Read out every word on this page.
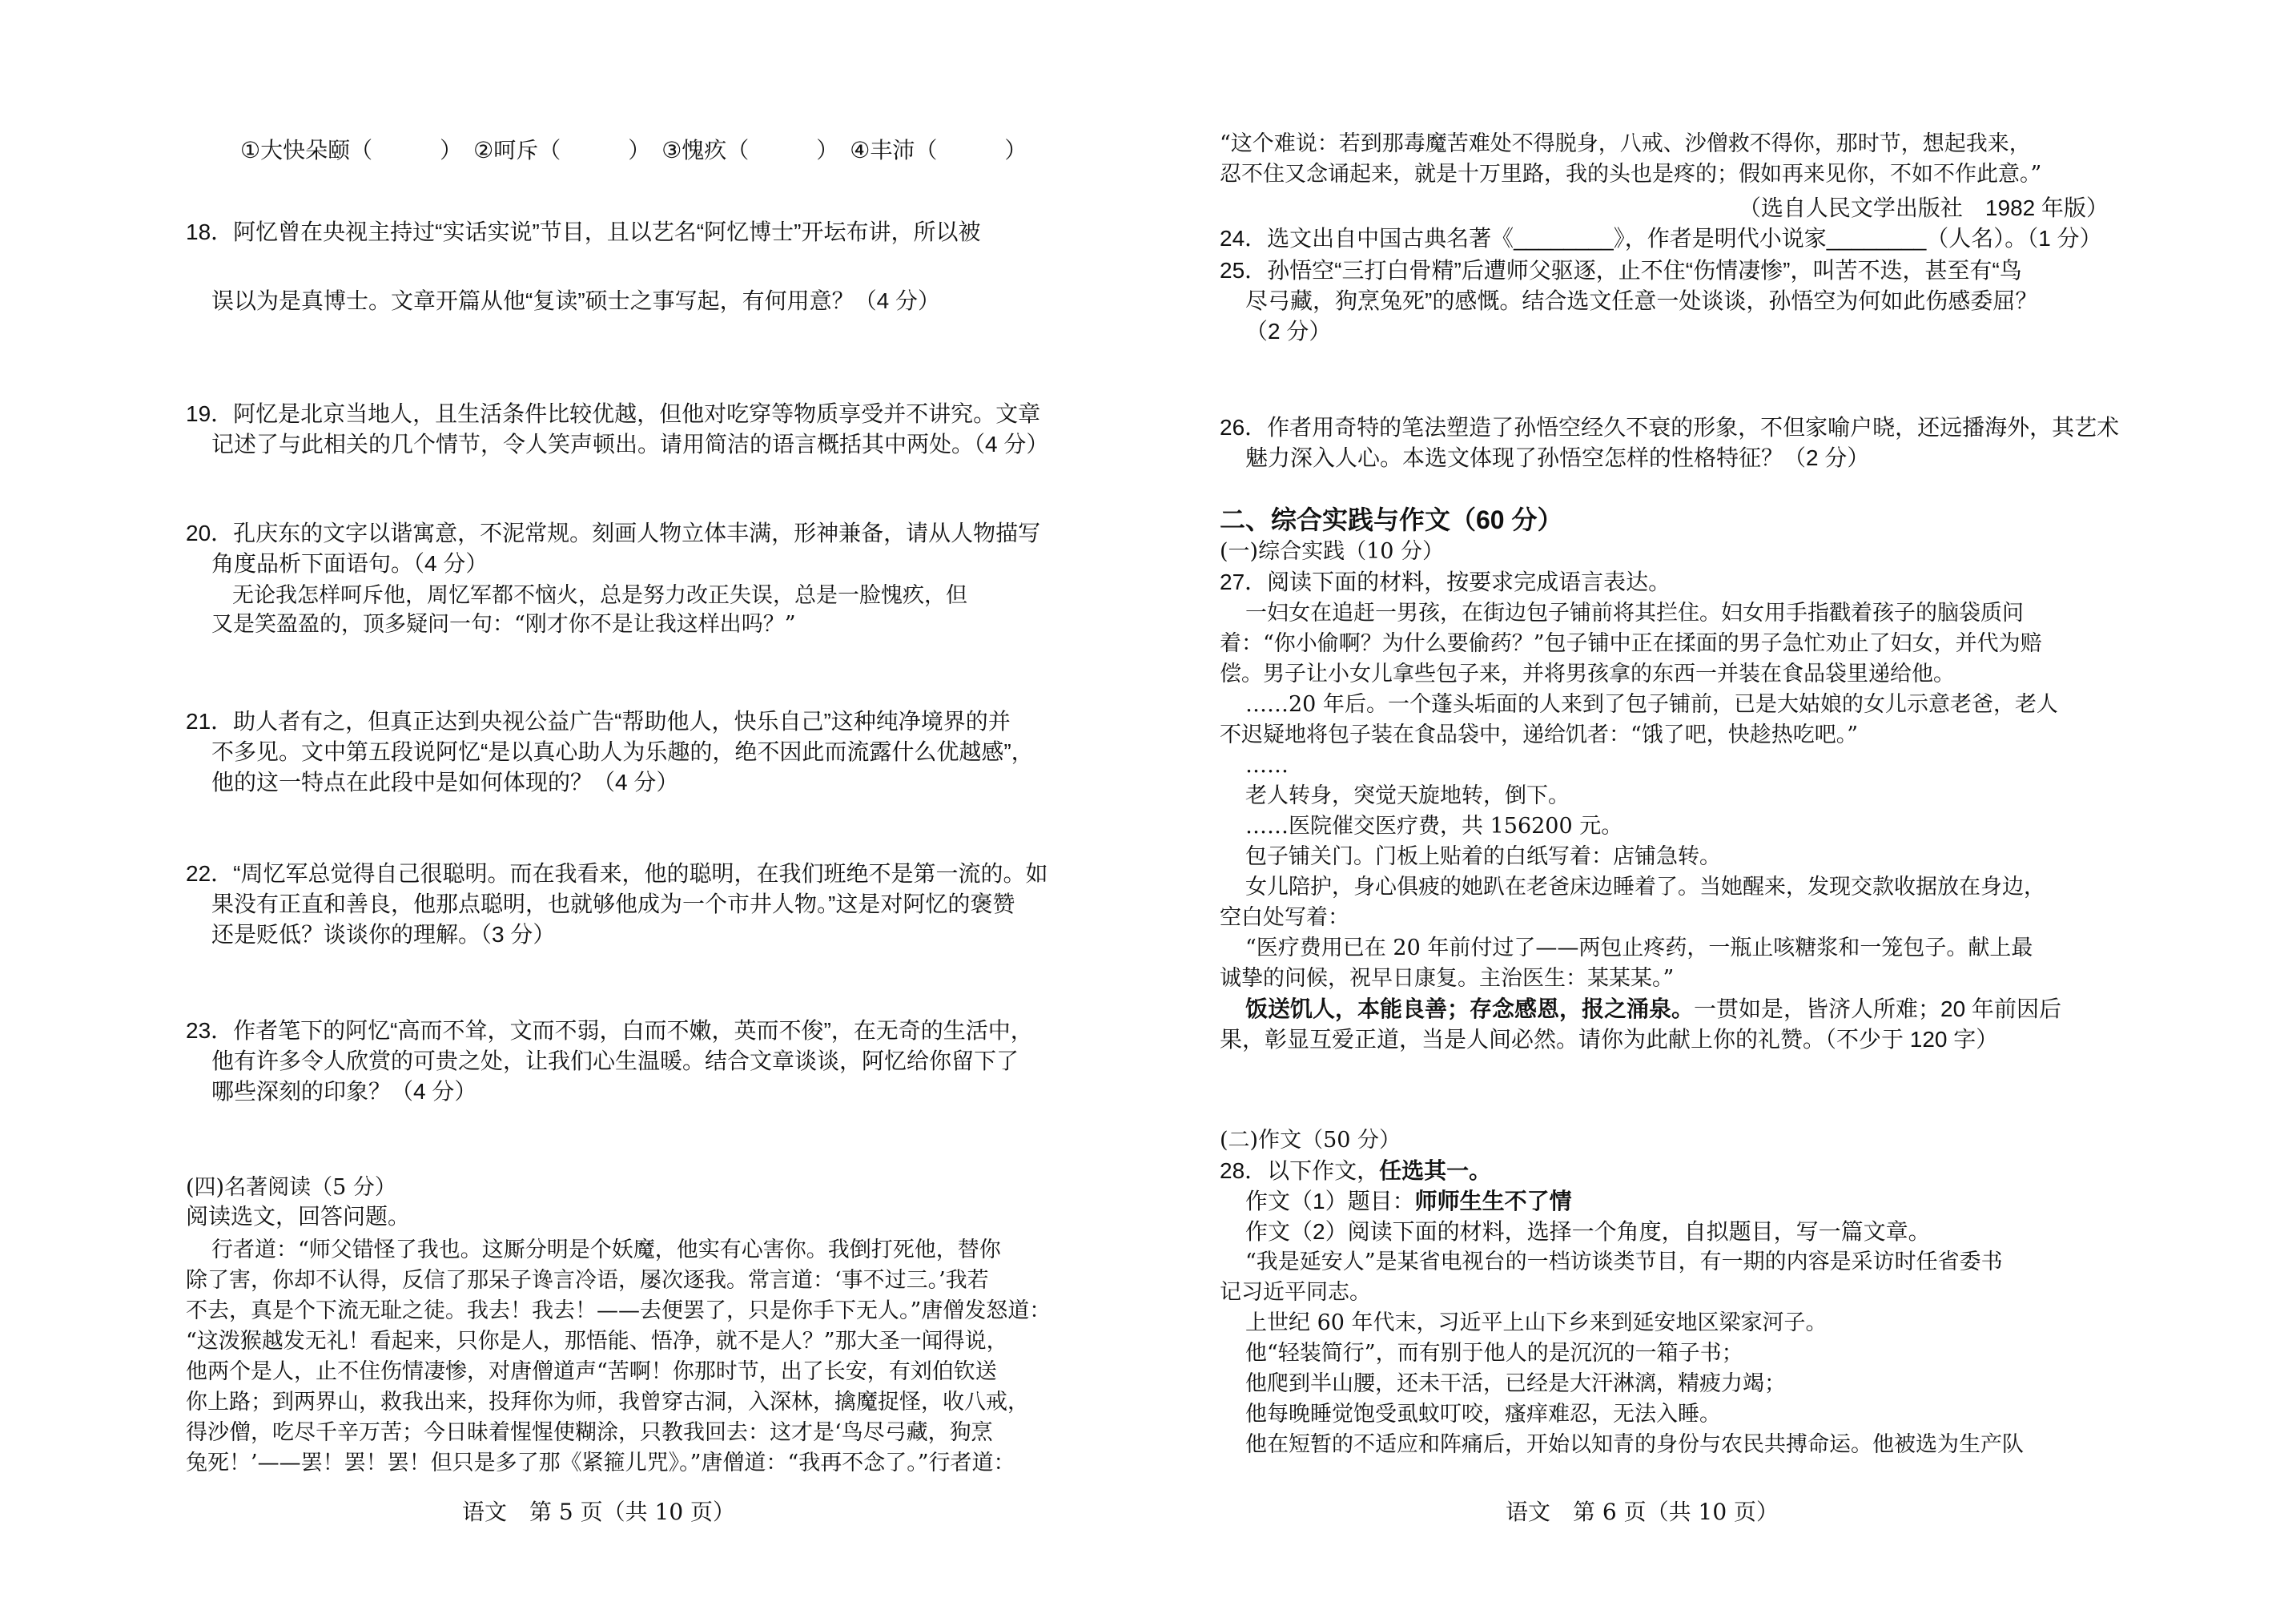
①大快朵颐（　　　）　②呵斥（　　　）　③愧疚（　　　）　④丰沛（　　　）
18．阿忆曾在央视主持过“实话实说”节目，且以艺名“阿忆博士”开坛布讲，所以被
误以为是真博士。文章开篇从他“复读”硕士之事写起，有何用意？（4 分）
19．阿忆是北京当地人，且生活条件比较优越，但他对吃穿等物质享受并不讲究。文章
记述了与此相关的几个情节，令人笑声顿出。请用简洁的语言概括其中两处。（4 分）
20．孔庆东的文字以谐寓意，不泥常规。刻画人物立体丰满，形神兼备，请从人物描写
角度品析下面语句。（4 分）
无论我怎样呵斥他，周忆军都不恼火，总是努力改正失误，总是一脸愧疚，但
又是笑盈盈的，顶多疑问一句：“刚才你不是让我这样出吗？”
21．助人者有之，但真正达到央视公益广告“帮助他人，快乐自己”这种纯净境界的并
不多见。文中第五段说阿忆“是以真心助人为乐趣的，绝不因此而流露什么优越感”，
他的这一特点在此段中是如何体现的？（4 分）
22．“周忆军总觉得自己很聪明。而在我看来，他的聪明，在我们班绝不是第一流的。如
果没有正直和善良，他那点聪明，也就够他成为一个市井人物。”这是对阿忆的褒赞
还是贬低？谈谈你的理解。（3 分）
23．作者笔下的阿忆“高而不耸，文而不弱，白而不嫩，英而不俊”，在无奇的生活中，
他有许多令人欣赏的可贵之处，让我们心生温暖。结合文章谈谈，阿忆给你留下了
哪些深刻的印象？（4 分）
(四)名著阅读（5 分）
阅读选文，回答问题。
行者道：“师父错怪了我也。这厮分明是个妖魔，他实有心害你。我倒打死他，替你
除了害，你却不认得，反信了那呆子谗言冷语，屡次逐我。常言道：‘事不过三。’我若
不去，真是个下流无耻之徒。我去！我去！——去便罢了，只是你手下无人。”唐僧发怒道：
“这泼猴越发无礼！看起来，只你是人，那悟能、悟净，就不是人？”那大圣一闻得说，
他两个是人，止不住伤情凄惨，对唐僧道声“苦啊！你那时节，出了长安，有刘伯钦送
你上路；到两界山，救我出来，投拜你为师，我曾穿古洞，入深林，擒魔捉怪，收八戒，
得沙僧，吃尽千辛万苦；今日昧着惺惺使糊涂，只教我回去：这才是‘鸟尽弓藏，狗烹
兔死！’——罢！罢！罢！但只是多了那《紧箍儿咒》。”唐僧道：“我再不念了。”行者道：
语文　第 5 页（共 10 页）
“这个难说：若到那毒魔苦难处不得脱身，八戒、沙僧救不得你，那时节，想起我来，
忍不住又念诵起来，就是十万里路，我的头也是疼的；假如再来见你，不如不作此意。”
（选自人民文学出版社　1982 年版）
24．选文出自中国古典名著《________》，作者是明代小说家________（人名）。（1 分）
25．孙悟空“三打白骨精”后遭师父驱逐，止不住“伤情凄惨”，叫苦不迭，甚至有“鸟
尽弓藏，狗烹兔死”的感慨。结合选文任意一处谈谈，孙悟空为何如此伤感委屈？
（2 分）
26．作者用奇特的笔法塑造了孙悟空经久不衰的形象，不但家喻户晓，还远播海外，其艺术
魅力深入人心。本选文体现了孙悟空怎样的性格特征？（2 分）
二、综合实践与作文（60 分）
(一)综合实践（10 分）
27．阅读下面的材料，按要求完成语言表达。
一妇女在追赶一男孩，在街边包子铺前将其拦住。妇女用手指戳着孩子的脑袋质问
着：“你小偷啊？为什么要偷药？”包子铺中正在揉面的男子急忙劝止了妇女，并代为赔
偿。男子让小女儿拿些包子来，并将男孩拿的东西一并装在食品袋里递给他。
……20 年后。一个蓬头垢面的人来到了包子铺前，已是大姑娘的女儿示意老爸，老人
不迟疑地将包子装在食品袋中，递给饥者：“饿了吧，快趁热吃吧。”
……
老人转身，突觉天旋地转，倒下。
……医院催交医疗费，共 156200 元。
包子铺关门。门板上贴着的白纸写着：店铺急转。
女儿陪护，身心俱疲的她趴在老爸床边睡着了。当她醒来，发现交款收据放在身边，
空白处写着：
“医疗费用已在 20 年前付过了——两包止疼药，一瓶止咳糖浆和一笼包子。献上最
诚挚的问候，祝早日康复。主治医生：某某某。”
饭送饥人，本能良善；存念感恩，报之涌泉。一贯如是，皆济人所难；20 年前因后
果，彰显互爱正道，当是人间必然。请你为此献上你的礼赞。（不少于 120 字）
(二)作文（50 分）
28．以下作文，任选其一。
作文（1）题目：师师生生不了情
作文（2）阅读下面的材料，选择一个角度，自拟题目，写一篇文章。
“我是延安人”是某省电视台的一档访谈类节目，有一期的内容是采访时任省委书
记习近平同志。
上世纪 60 年代末，习近平上山下乡来到延安地区梁家河子。
他“轻装简行”，而有别于他人的是沉沉的一箱子书；
他爬到半山腰，还未干活，已经是大汗淋漓，精疲力竭；
他每晚睡觉饱受虱蚊叮咬，瘙痒难忍，无法入睡。
他在短暂的不适应和阵痛后，开始以知青的身份与农民共搏命运。他被选为生产队
语文　第 6 页（共 10 页）
